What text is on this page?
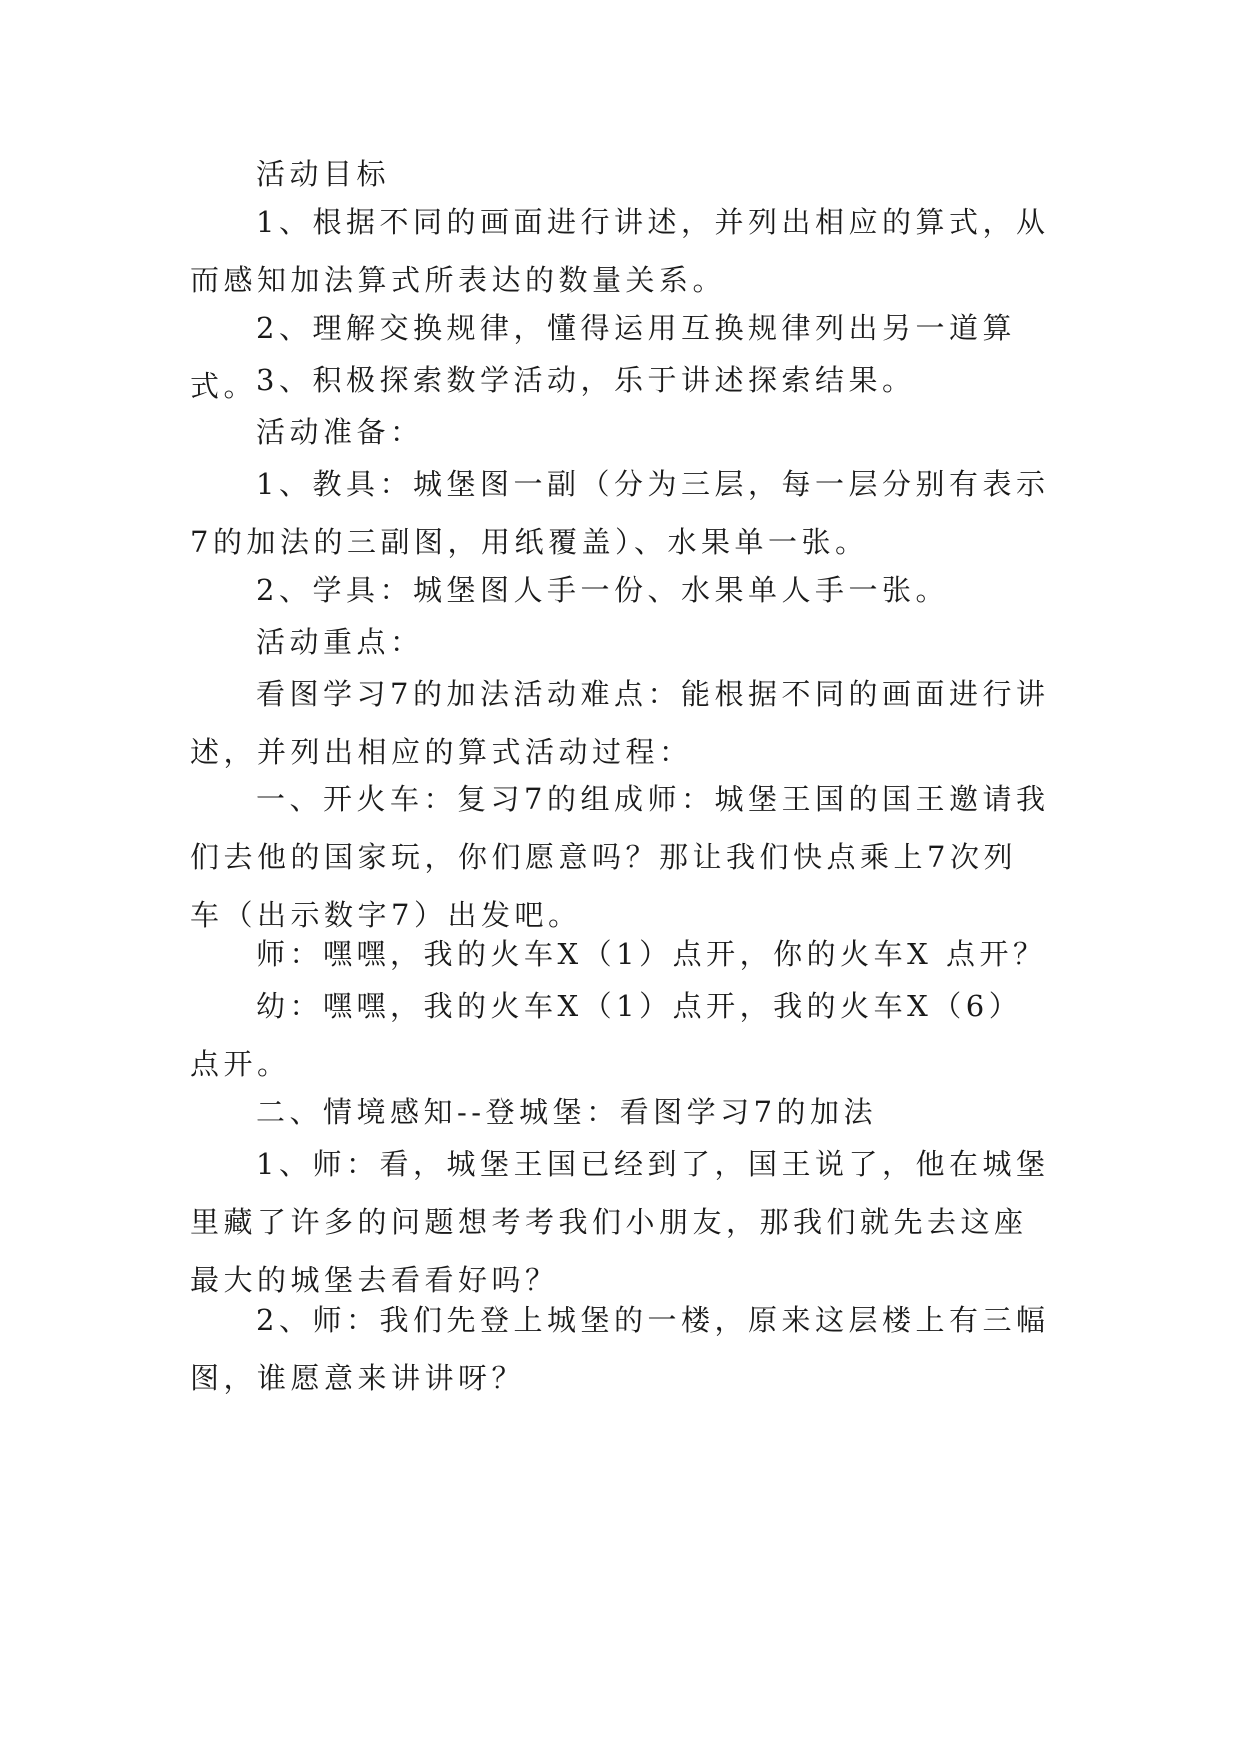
活动目标

1、根据不同的画面进行讲述，并列出相应的算式，从而感知加法算式所表达的数量关系。

2、理解交换规律，懂得运用互换规律列出另一道算式。

3、积极探索数学活动，乐于讲述探索结果。

活动准备：

1、教具：城堡图一副（分为三层，每一层分别有表示7的加法的三副图，用纸覆盖）、水果单一张。

2、学具：城堡图人手一份、水果单人手一张。

活动重点：

看图学习7的加法活动难点：能根据不同的画面进行讲述，并列出相应的算式活动过程：

一、开火车：复习7的组成师：城堡王国的国王邀请我们去他的国家玩，你们愿意吗？那让我们快点乘上7次列车（出示数字7）出发吧。

师：嘿嘿，我的火车X（1）点开，你的火车X 点开？

幼：嘿嘿，我的火车X（1）点开，我的火车X（6）点开。

二、情境感知--登城堡：看图学习7的加法

1、师：看，城堡王国已经到了，国王说了，他在城堡里藏了许多的问题想考考我们小朋友，那我们就先去这座最大的城堡去看看好吗？

2、师：我们先登上城堡的一楼，原来这层楼上有三幅图，谁愿意来讲讲呀？
